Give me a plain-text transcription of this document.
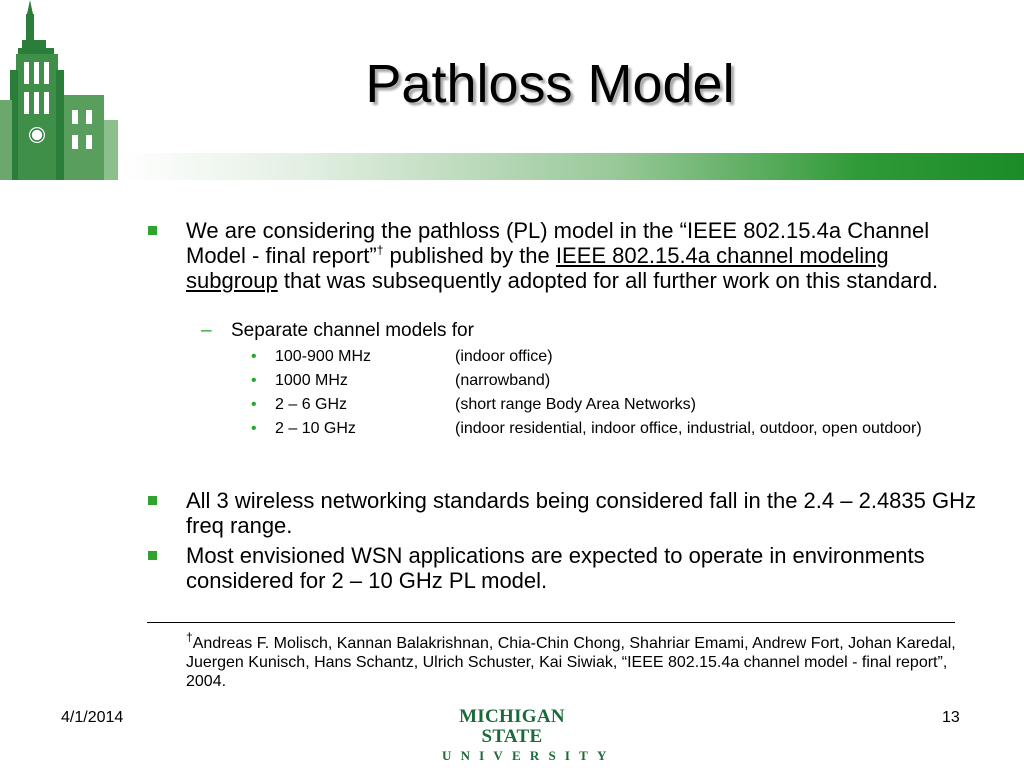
Pathloss Model
We are considering the pathloss (PL) model in the “IEEE 802.15.4a Channel Model - final report”† published by the IEEE 802.15.4a channel modeling subgroup that was subsequently adopted for all further work on this standard.
– Separate channel models for
• 100-900 MHz	(indoor office)
• 1000 MHz	(narrowband)
• 2 – 6 GHz	(short range Body Area Networks)
• 2 – 10 GHz	(indoor residential, indoor office, industrial, outdoor, open outdoor)
All 3 wireless networking standards being considered fall in the 2.4 – 2.4835 GHz freq range.
Most envisioned WSN applications are expected to operate in environments considered for 2 – 10 GHz PL model.
†Andreas F. Molisch, Kannan Balakrishnan, Chia-Chin Chong, Shahriar Emami, Andrew Fort, Johan Karedal, Juergen Kunisch, Hans Schantz, Ulrich Schuster, Kai Siwiak, “IEEE 802.15.4a channel model - final report”, 2004.
4/1/2014	MICHIGAN STATE
UNIVERSITY
13
